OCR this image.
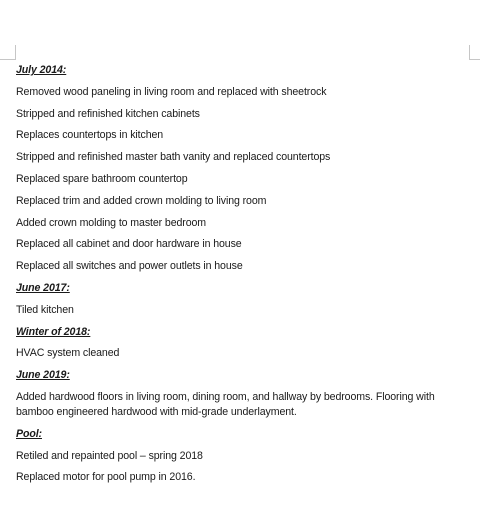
July 2014:

Removed wood paneling in living room and replaced with sheetrock

Stripped and refinished kitchen cabinets

Replaces countertops in kitchen

Stripped and refinished master bath vanity and replaced countertops

Replaced spare bathroom countertop

Replaced trim and added crown molding to living room

Added crown molding to master bedroom

Replaced all cabinet and door hardware in house

Replaced all switches and power outlets in house

June 2017:

Tiled kitchen

Winter of 2018:

HVAC system cleaned

June 2019:

Added hardwood floors in living room, dining room, and hallway by bedrooms. Flooring with bamboo engineered hardwood with mid-grade underlayment.

Pool:

Retiled and repainted pool – spring 2018

Replaced motor for pool pump in 2016.
